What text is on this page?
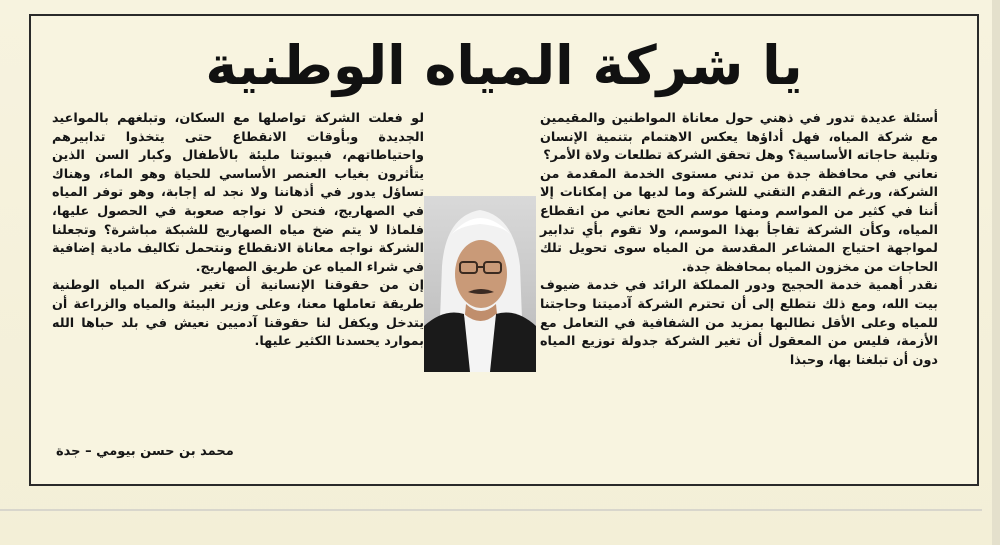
يا شركة المياه الوطنية

أسئلة عديدة تدور في ذهني حول معاناة المواطنين والمقيمين مع شركة المياه، فهل أداؤها يعكس الاهتمام بتنمية الإنسان وتلبية حاجاته الأساسية؟ وهل تحقق الشركة تطلعات ولاة الأمر؟

نعاني في محافظة جدة من تدني مستوى الخدمة المقدمة من الشركة، ورغم التقدم التقني للشركة وما لديها من إمكانات إلا أننا في كثير من المواسم ومنها موسم الحج نعاني من انقطاع المياه، وكأن الشركة تفاجأ بهذا الموسم، ولا تقوم بأي تدابير لمواجهة احتياج المشاعر المقدسة من المياه سوى تحويل تلك الحاجات من مخزون المياه بمحافظة جدة.

نقدر أهمية خدمة الحجيج ودور المملكة الرائد في خدمة ضيوف بيت الله، ومع ذلك نتطلع إلى أن تحترم الشركة آدميتنا وحاجتنا للمياه وعلى الأقل نطالبها بمزيد من الشفافية في التعامل مع الأزمة، فليس من المعقول أن تغير الشركة جدولة توزيع المياه دون أن تبلغنا بها، وحبذا

لو فعلت الشركة تواصلها مع السكان، وتبلغهم بالمواعيد الجديدة وبأوقات الانقطاع حتى يتخذوا تدابيرهم واحتياطاتهم، فبيوتنا مليئة بالأطفال وكبار السن الذين يتأثرون بغياب العنصر الأساسي للحياة وهو الماء، وهناك تساؤل يدور في أذهاننا ولا نجد له إجابة، وهو توفر المياه في الصهاريج، فنحن لا نواجه صعوبة في الحصول عليها، فلماذا لا يتم ضخ مياه الصهاريج للشبكة مباشرة؟ وتجعلنا الشركة نواجه معاناة الانقطاع ونتحمل تكاليف مادية إضافية في شراء المياه عن طريق الصهاريج.

إن من حقوقنا الإنسانية أن تغير شركة المياه الوطنية طريقة تعاملها معنا، وعلى وزير البيئة والمياه والزراعة أن يتدخل ويكفل لنا حقوقنا آدميين نعيش في بلد حباها الله بموارد يحسدنا الكثير عليها.

محمد بن حسن بيومي – جدة
